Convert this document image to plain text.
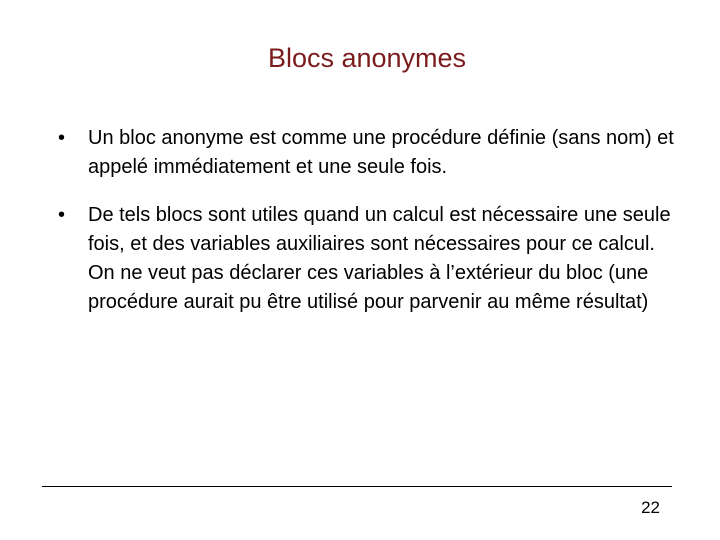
Blocs anonymes
•	Un bloc anonyme est comme une procédure définie (sans nom) et appelé immédiatement et une seule fois.
•	De tels blocs sont utiles quand un calcul est nécessaire une seule fois, et des variables auxiliaires sont nécessaires pour ce calcul. On ne veut pas déclarer ces variables à l’extérieur du bloc (une procédure aurait pu être utilisé pour parvenir au même résultat)
22
